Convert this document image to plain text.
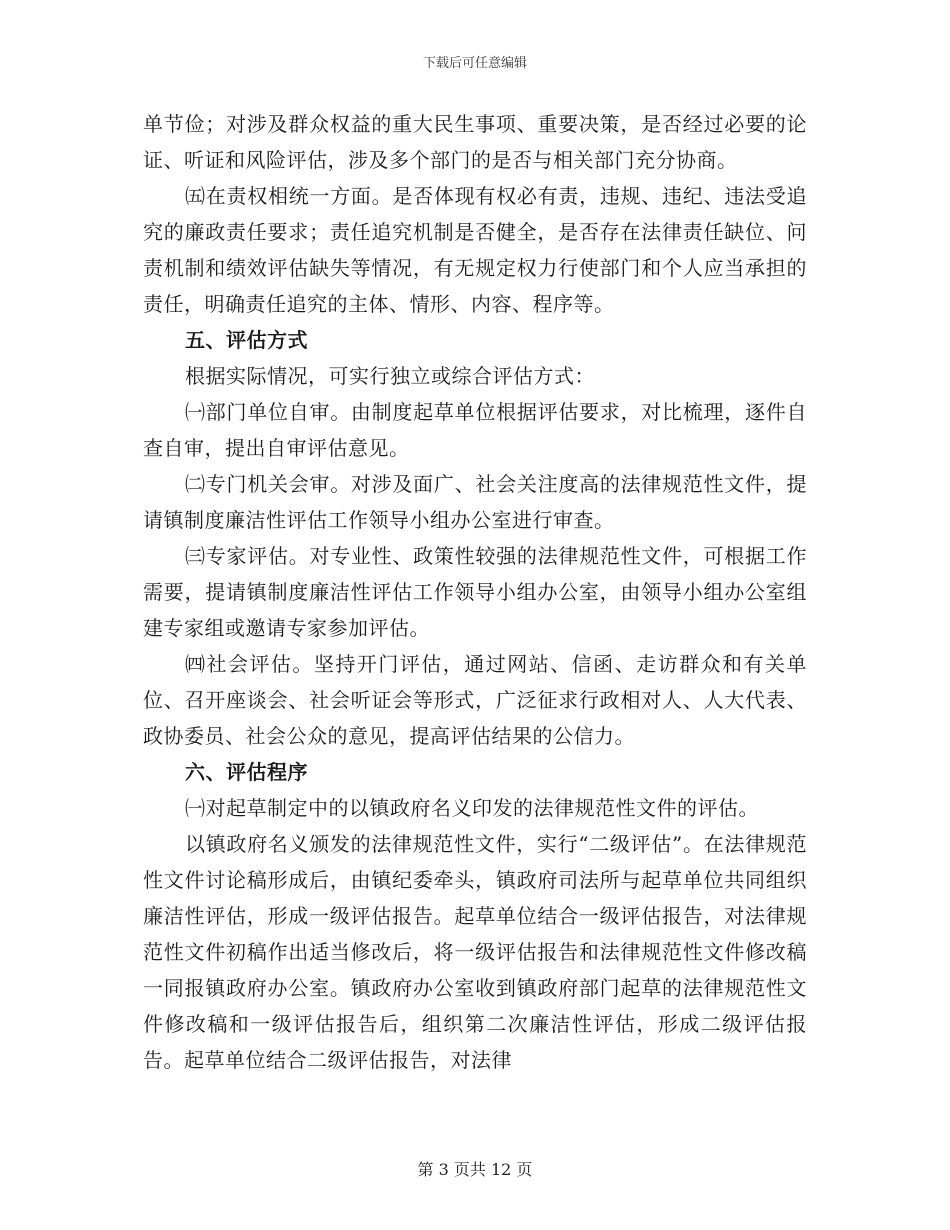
下载后可任意编辑

单节俭；对涉及群众权益的重大民生事项、重要决策，是否经过必要的论证、听证和风险评估，涉及多个部门的是否与相关部门充分协商。

㈤在责权相统一方面。是否体现有权必有责，违规、违纪、违法受追究的廉政责任要求；责任追究机制是否健全，是否存在法律责任缺位、问责机制和绩效评估缺失等情况，有无规定权力行使部门和个人应当承担的责任，明确责任追究的主体、情形、内容、程序等。

五、评估方式

根据实际情况，可实行独立或综合评估方式：

㈠部门单位自审。由制度起草单位根据评估要求，对比梳理，逐件自查自审，提出自审评估意见。

㈡专门机关会审。对涉及面广、社会关注度高的法律规范性文件，提请镇制度廉洁性评估工作领导小组办公室进行审查。

㈢专家评估。对专业性、政策性较强的法律规范性文件，可根据工作需要，提请镇制度廉洁性评估工作领导小组办公室，由领导小组办公室组建专家组或邀请专家参加评估。

㈣社会评估。坚持开门评估，通过网站、信函、走访群众和有关单位、召开座谈会、社会听证会等形式，广泛征求行政相对人、人大代表、政协委员、社会公众的意见，提高评估结果的公信力。

六、评估程序

㈠对起草制定中的以镇政府名义印发的法律规范性文件的评估。

以镇政府名义颁发的法律规范性文件，实行“二级评估”。在法律规范性文件讨论稿形成后，由镇纪委牵头，镇政府司法所与起草单位共同组织廉洁性评估，形成一级评估报告。起草单位结合一级评估报告，对法律规范性文件初稿作出适当修改后，将一级评估报告和法律规范性文件修改稿一同报镇政府办公室。镇政府办公室收到镇政府部门起草的法律规范性文件修改稿和一级评估报告后，组织第二次廉洁性评估，形成二级评估报告。起草单位结合二级评估报告，对法律

第 3 页共 12 页
